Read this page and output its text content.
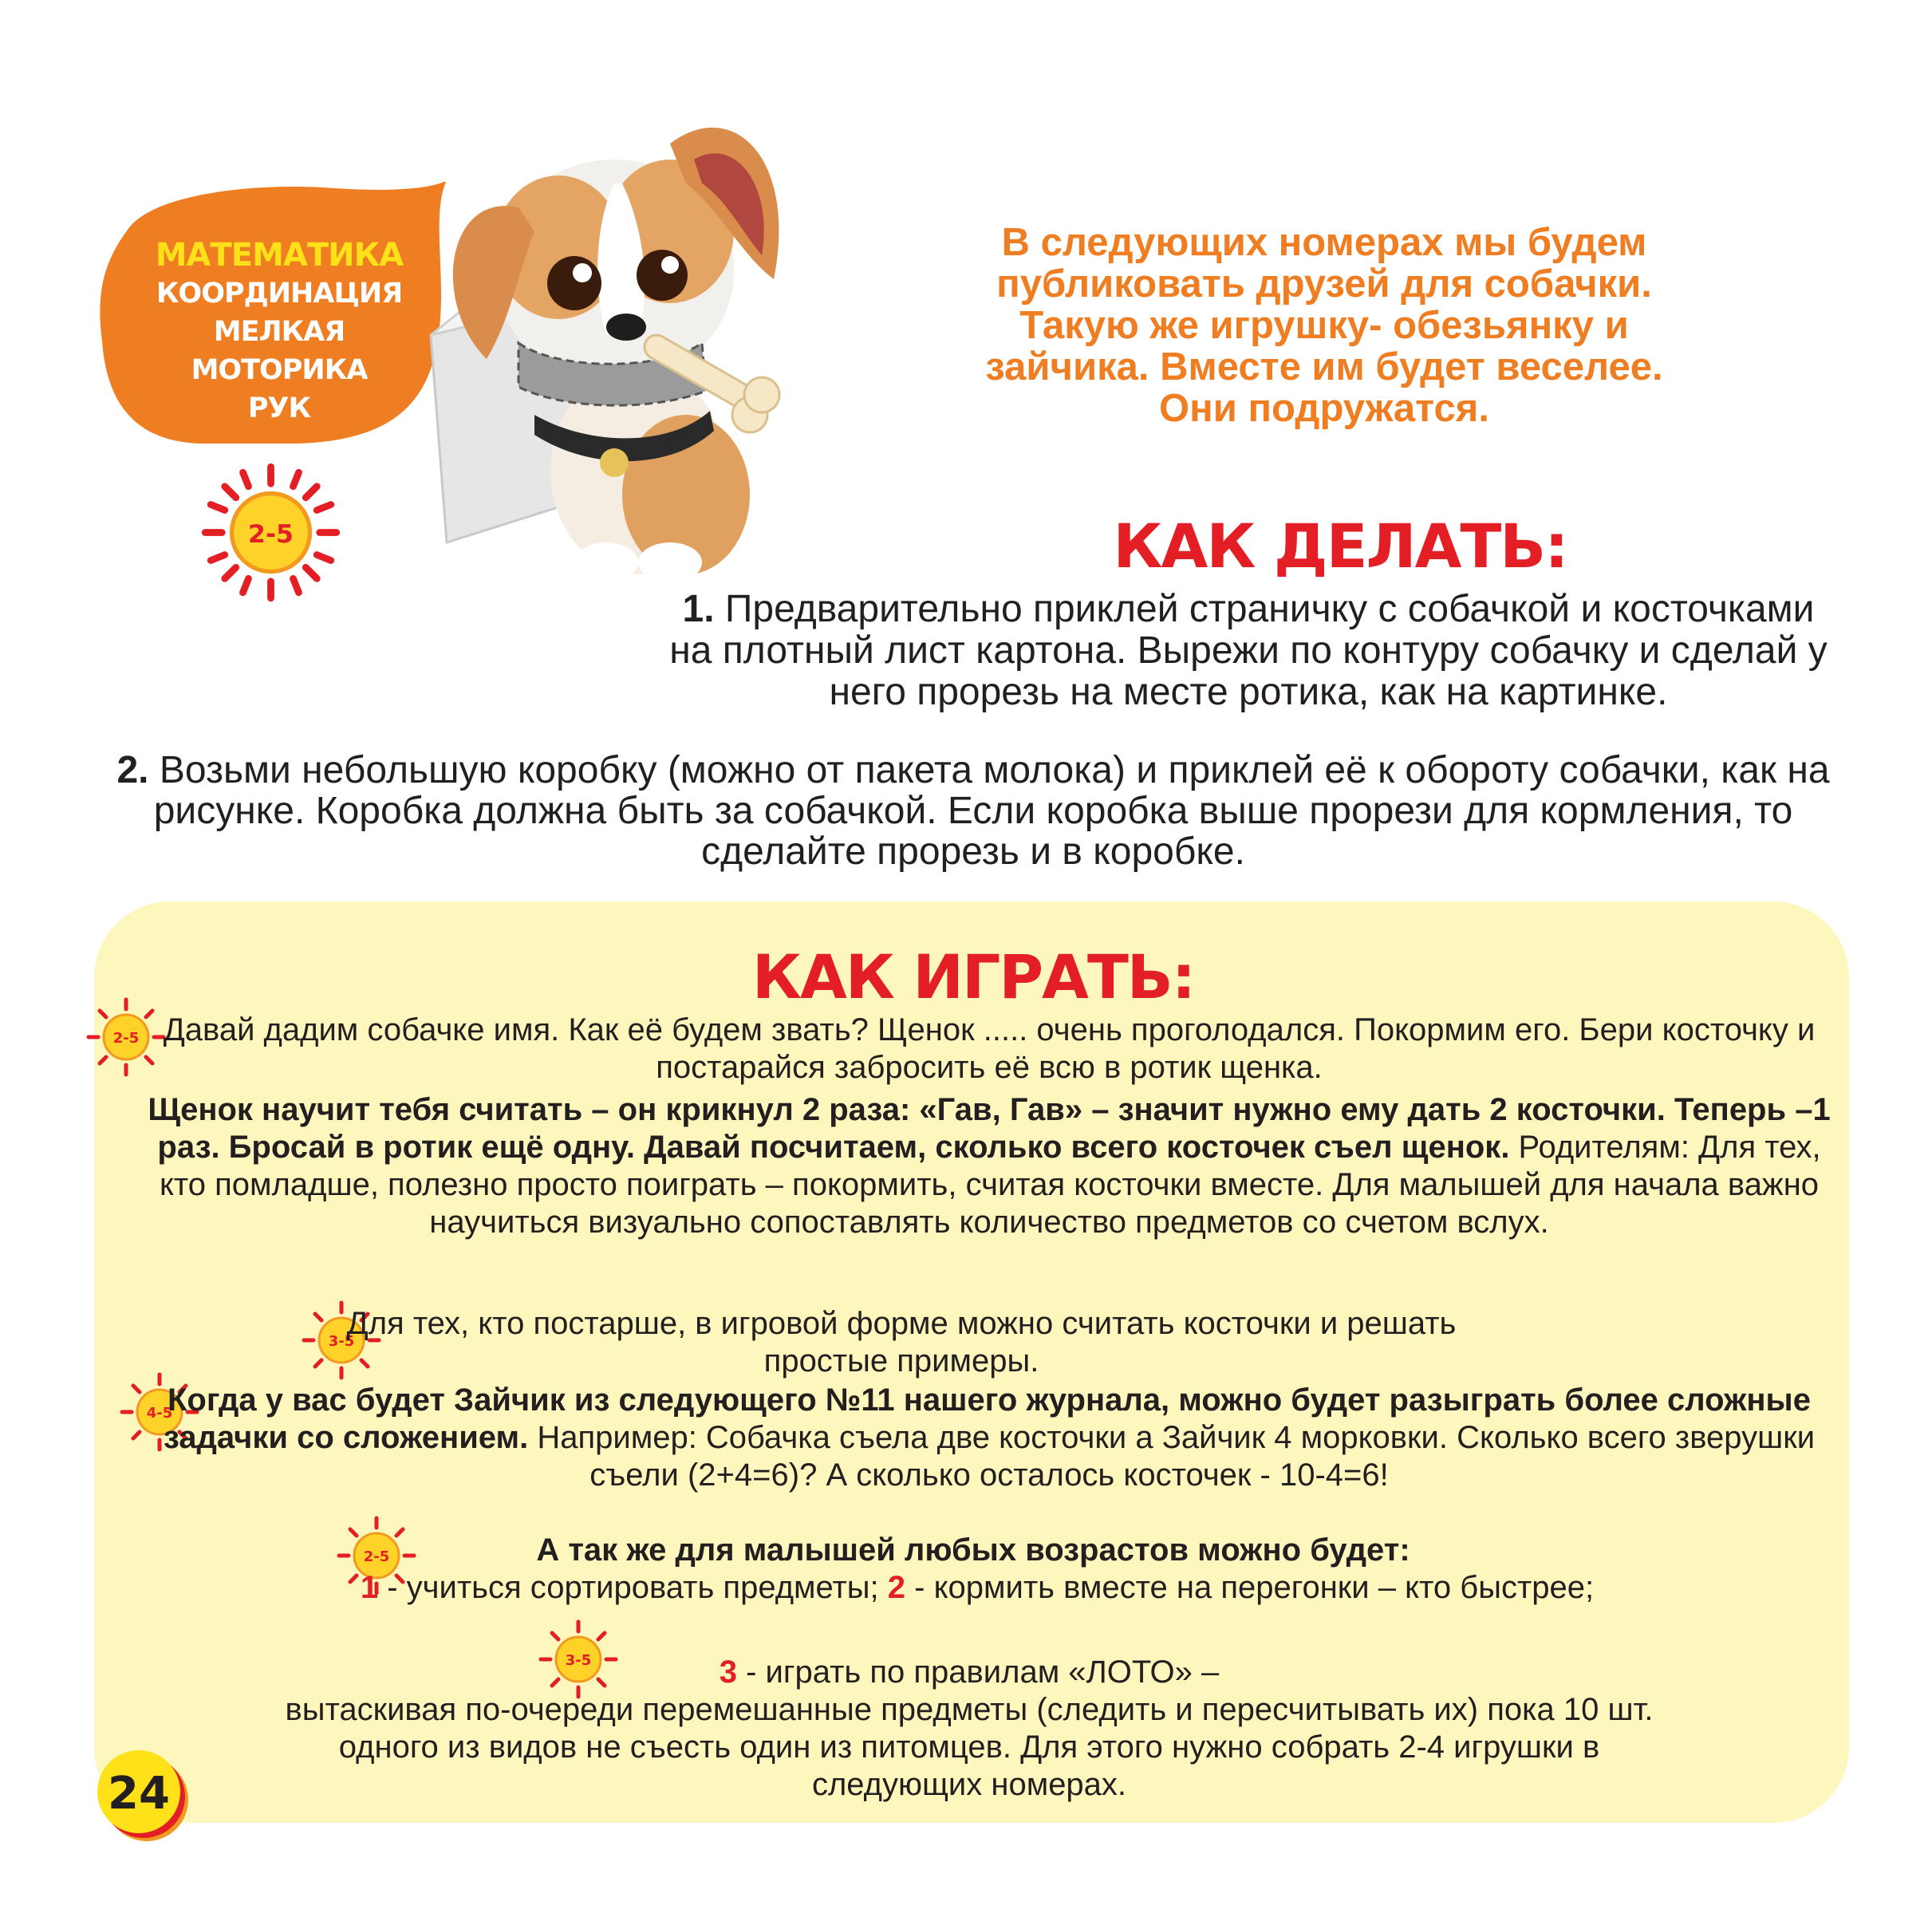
МАТЕМАТИКА
КООРДИНАЦИЯ
МЕЛКАЯ
МОТОРИКА
РУК
2-5
В следующих номерах мы будем
публиковать друзей для собачки.
Такую же игрушку- обезьянку и
зайчика. Вместе им будет веселее.
Они подружатся.
КАК ДЕЛАТЬ:
1. Предварительно приклей страничку с собачкой и косточками на плотный лист картона. Вырежи по контуру собачку и сделай у него прорезь на месте ротика, как на картинке.
2. Возьми небольшую коробку (можно от пакета молока) и приклей её к обороту собачки, как на рисунке. Коробка должна быть за собачкой. Если коробка выше прорези для кормления, то сделайте прорезь и в коробке.
КАК ИГРАТЬ:
2-5
3-5
4-5
2-5
3-5
Давай дадим собачке имя. Как её будем звать? Щенок ..... очень проголодался. Покормим его. Бери косточку и постарайся забросить её всю в ротик щенка.
Щенок научит тебя считать – он крикнул 2 раза: «Гав, Гав» – значит нужно ему дать 2 косточки. Теперь –1 раз. Бросай в ротик ещё одну. Давай посчитаем, сколько всего косточек съел щенок. Родителям: Для тех, кто помладше, полезно просто поиграть – покормить, считая косточки вместе. Для малышей для начала важно научиться визуально сопоставлять количество предметов со счетом вслух.
Для тех, кто постарше, в игровой форме можно считать косточки и решать простые примеры.
Когда у вас будет Зайчик из следующего №11 нашего журнала, можно будет разыграть более сложные задачки со сложением. Например: Собачка съела две косточки а Зайчик 4 морковки. Сколько всего зверушки съели (2+4=6)? А сколько осталось косточек - 10-4=6!
А так же для малышей любых возрастов можно будет:
1 - учиться сортировать предметы; 2 - кормить вместе на перегонки – кто быстрее;
3 - играть по правилам «ЛОТО» –
вытаскивая по-очереди перемешанные предметы (следить и пересчитывать их) пока 10 шт. одного из видов не съесть один из питомцев. Для этого нужно собрать 2-4 игрушки в следующих номерах.
24
